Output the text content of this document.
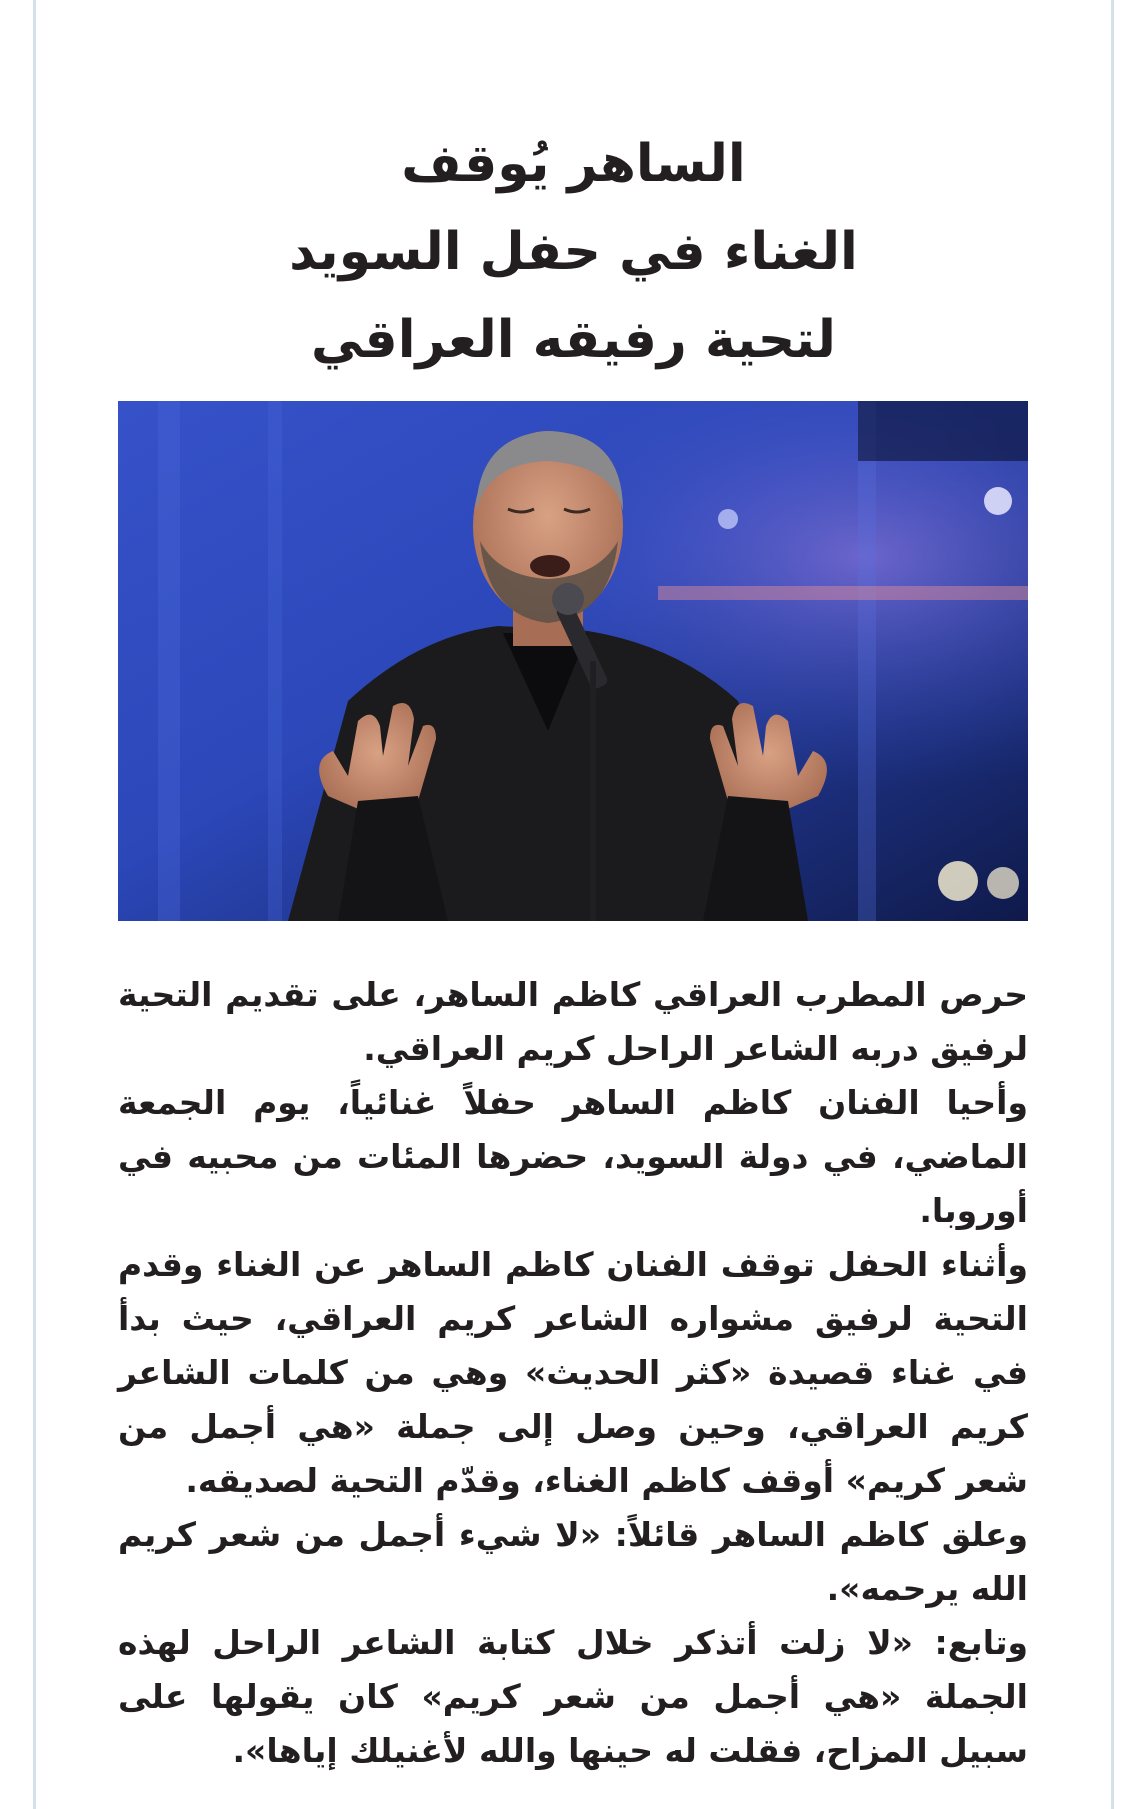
الساهر يُوقف
الغناء في حفل السويد
لتحية رفيقه العراقي

حرص المطرب العراقي كاظم الساهر، على تقديم التحية لرفيق دربه الشاعر الراحل كريم العراقي.

وأحيا الفنان كاظم الساهر حفلاً غنائياً، يوم الجمعة الماضي، في دولة السويد، حضرها المئات من محبيه في أوروبا.

وأثناء الحفل توقف الفنان كاظم الساهر عن الغناء وقدم التحية لرفيق مشواره الشاعر كريم العراقي، حيث بدأ في غناء قصيدة «كثر الحديث» وهي من كلمات الشاعر كريم العراقي، وحين وصل إلى جملة «هي أجمل من شعر كريم» أوقف كاظم الغناء، وقدّم التحية لصديقه.

وعلق كاظم الساهر قائلاً: «لا شيء أجمل من شعر كريم الله يرحمه».

وتابع: «لا زلت أتذكر خلال كتابة الشاعر الراحل لهذه الجملة «هي أجمل من شعر كريم» كان يقولها على سبيل المزاح، فقلت له حينها والله لأغنيلك إياها».
